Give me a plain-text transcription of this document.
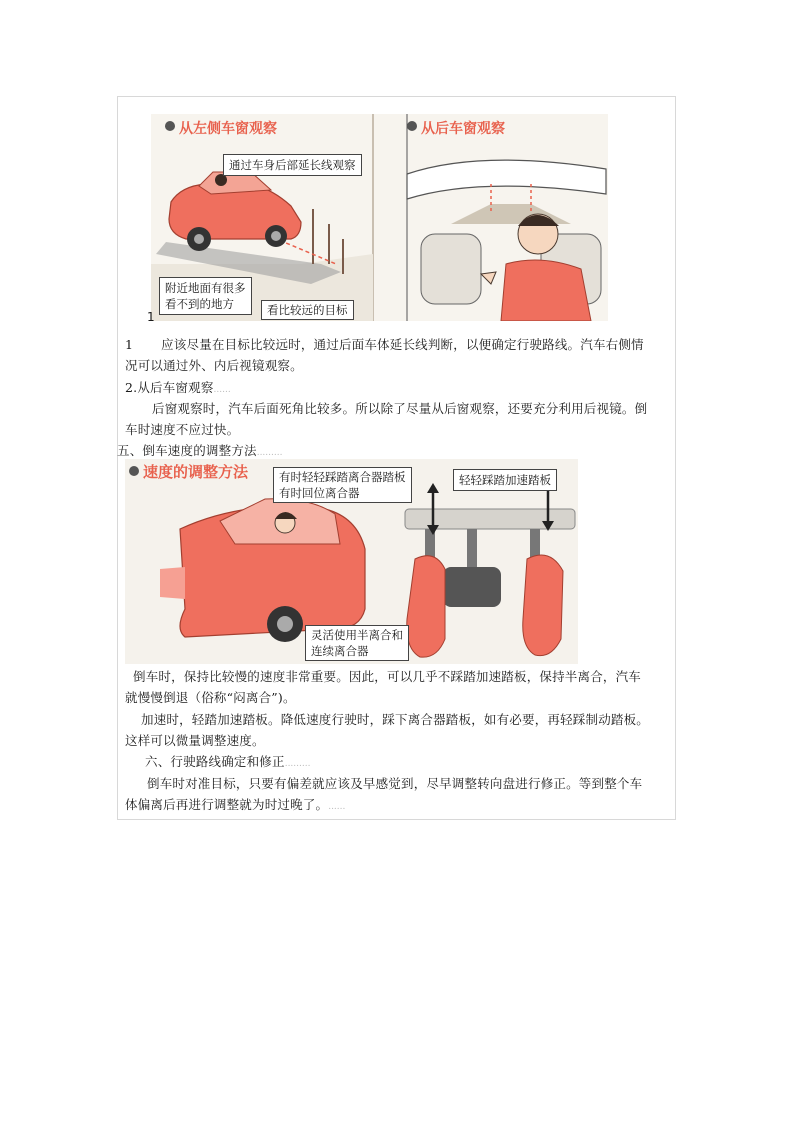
从左侧车窗观察	从后车窗观察
通过车身后部延长线观察
附近地面有很多
看不到的地方	看比较远的目标
1
1 应该尽量在目标比较远时，通过后面车体延长线判断，以便确定行驶路线。汽车右侧情
况可以通过外、内后视镜观察。
2.从后车窗观察......
后窗观察时，汽车后面死角比较多。所以除了尽量从后窗观察，还要充分利用后视镜。倒
车时速度不应过快。
五、倒车速度的调整方法.........
速度的调整方法	有时轻轻踩踏离合器踏板
有时回位离合器
轻轻踩踏加速踏板
灵活使用半离合和
连续离合器
倒车时，保持比较慢的速度非常重要。因此，可以几乎不踩踏加速踏板，保持半离合，汽车
就慢慢倒退（俗称“闷离合”)。
加速时，轻踏加速踏板。降低速度行驶时，踩下离合器踏板，如有必要，再轻踩制动踏板。
这样可以微量调整速度。
六、行驶路线确定和修正.........
倒车时对准目标，只要有偏差就应该及早感觉到，尽早调整转向盘进行修正。等到整个车
体偏离后再进行调整就为时过晚了。......
